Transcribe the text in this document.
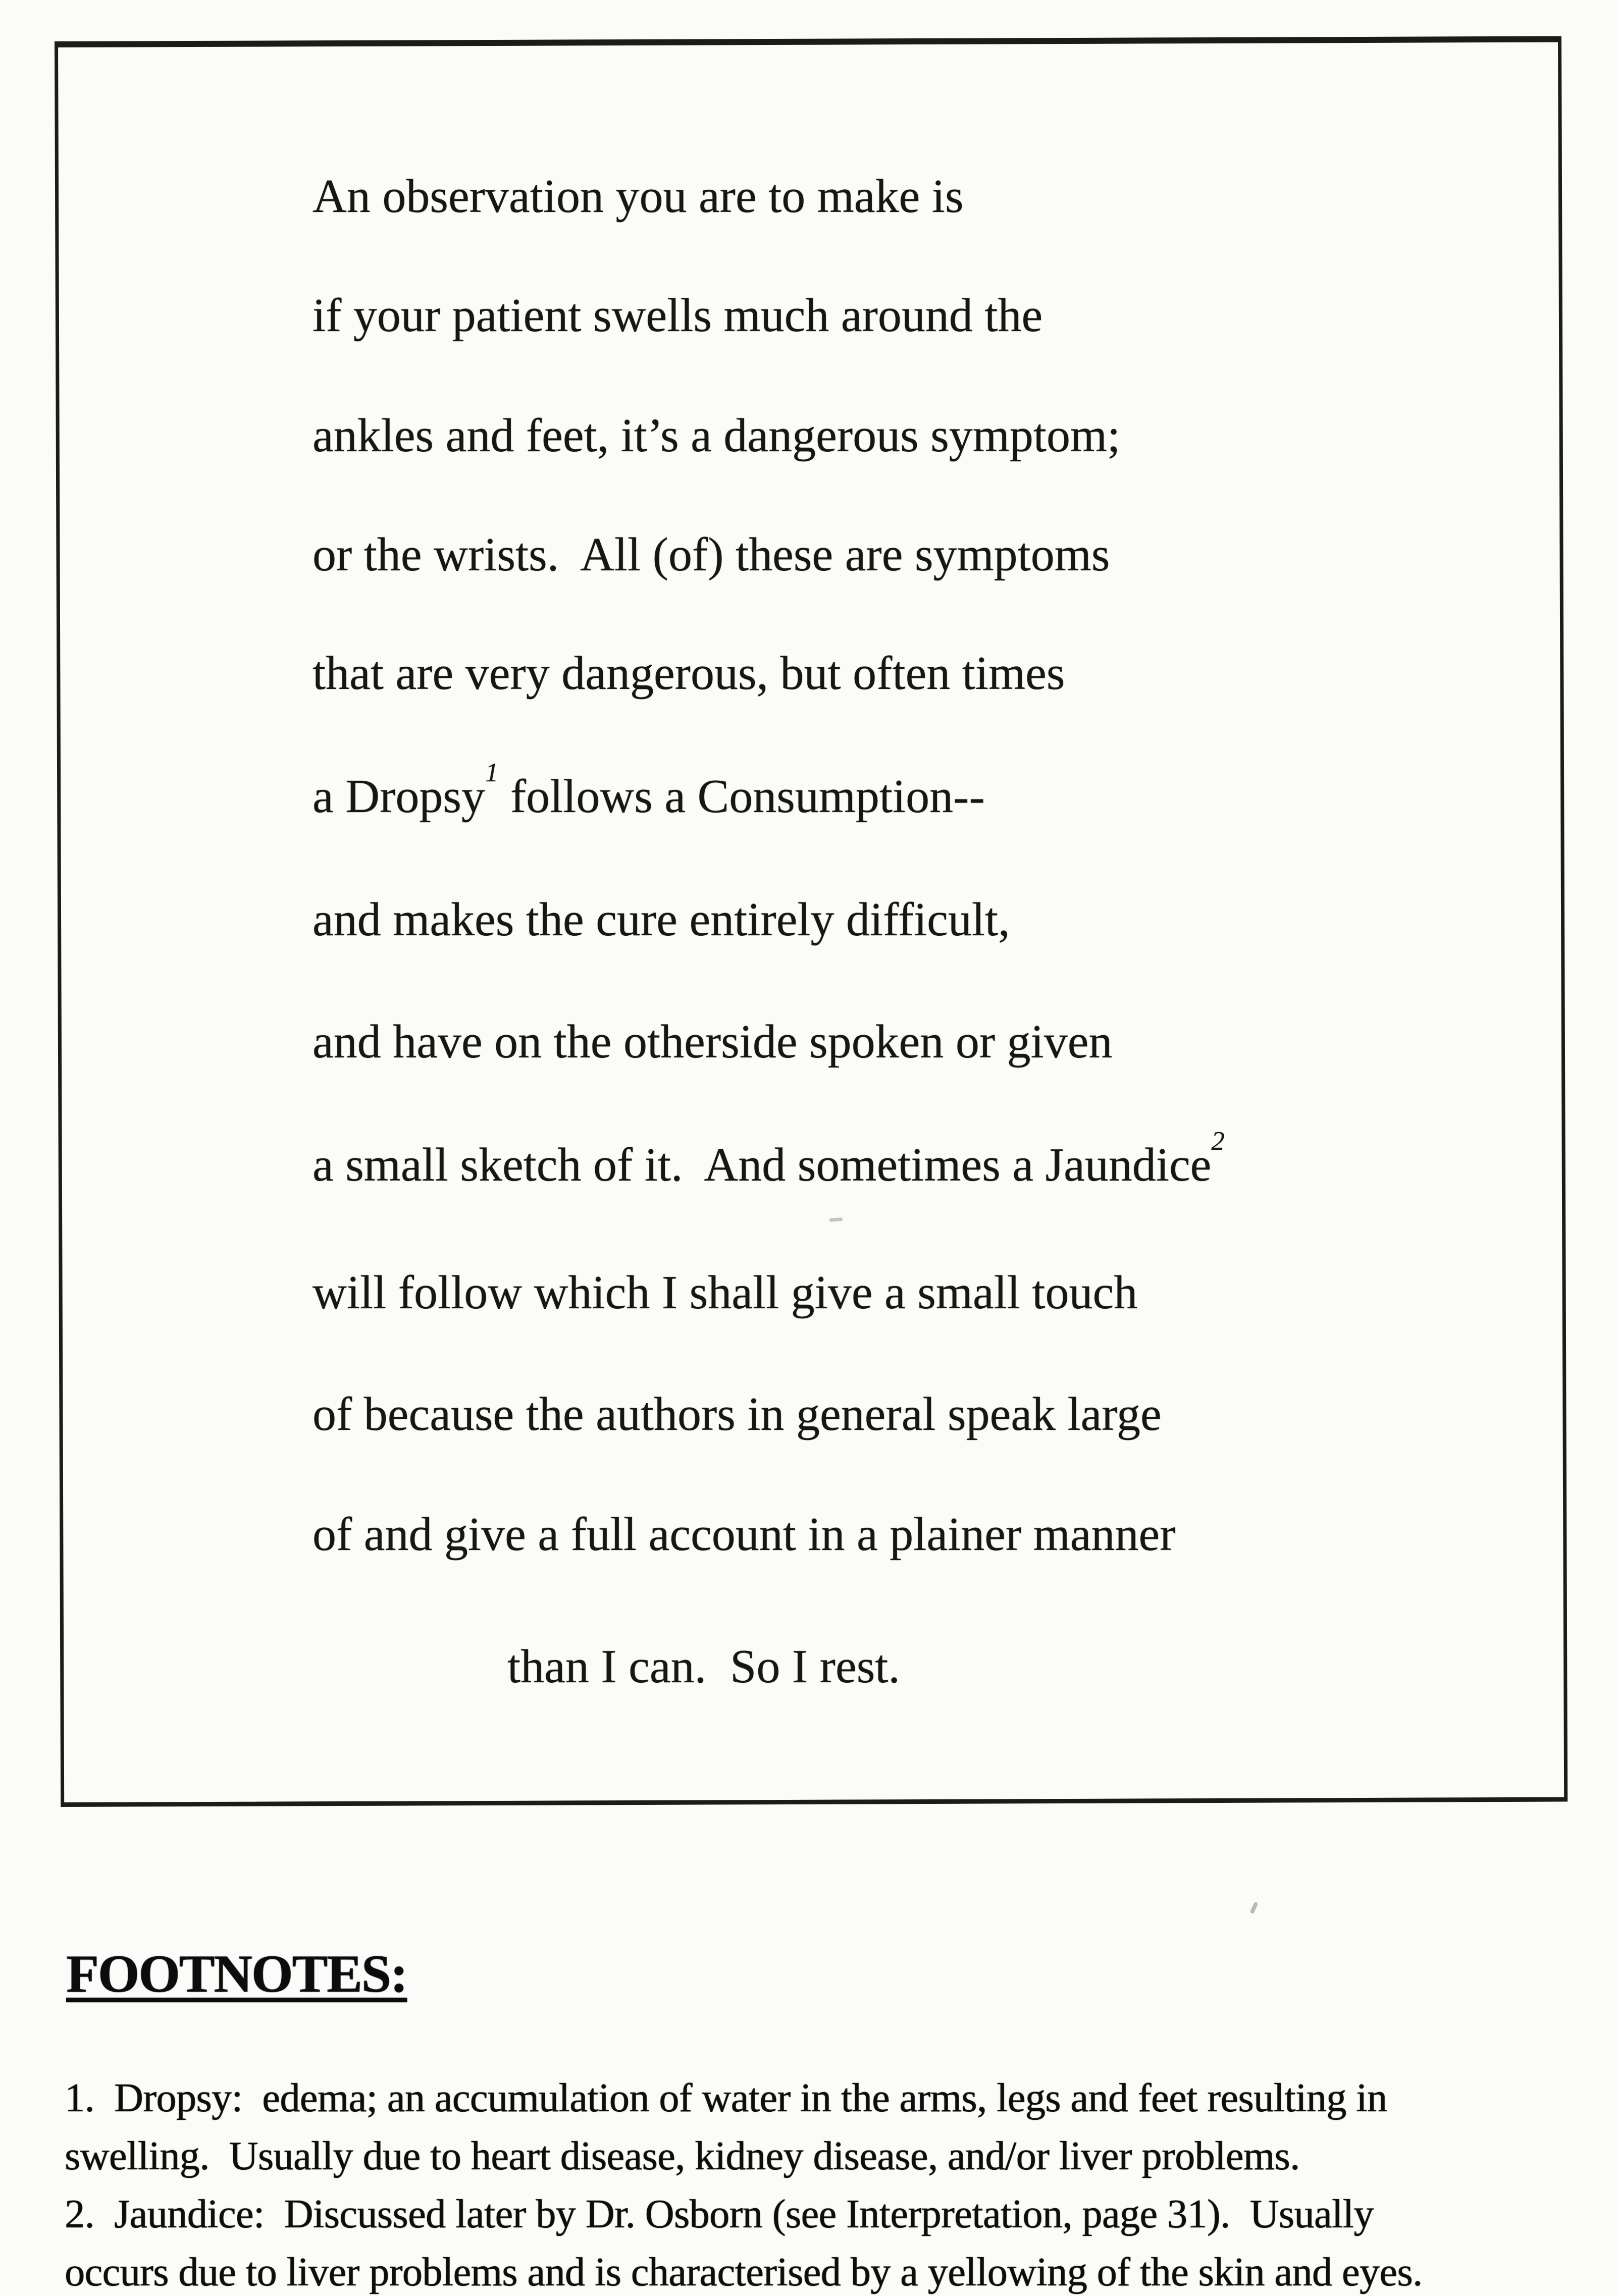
An observation you are to make is
if your patient swells much around the
ankles and feet, it’s a dangerous symptom;
or the wrists.  All (of) these are symptoms
that are very dangerous, but often times
a Dropsy$^1$ follows a Consumption--
and makes the cure entirely difficult,
and have on the otherside spoken or given
a small sketch of it.  And sometimes a Jaundice$^2$
will follow which I shall give a small touch
of because the authors in general speak large
of and give a full account in a plainer manner
than I can.  So I rest.
FOOTNOTES:
1.  Dropsy:  edema; an accumulation of water in the arms, legs and feet resulting in
swelling.  Usually due to heart disease, kidney disease, and/or liver problems.
2.  Jaundice:  Discussed later by Dr. Osborn (see Interpretation, page 31).  Usually
occurs due to liver problems and is characterised by a yellowing of the skin and eyes.
